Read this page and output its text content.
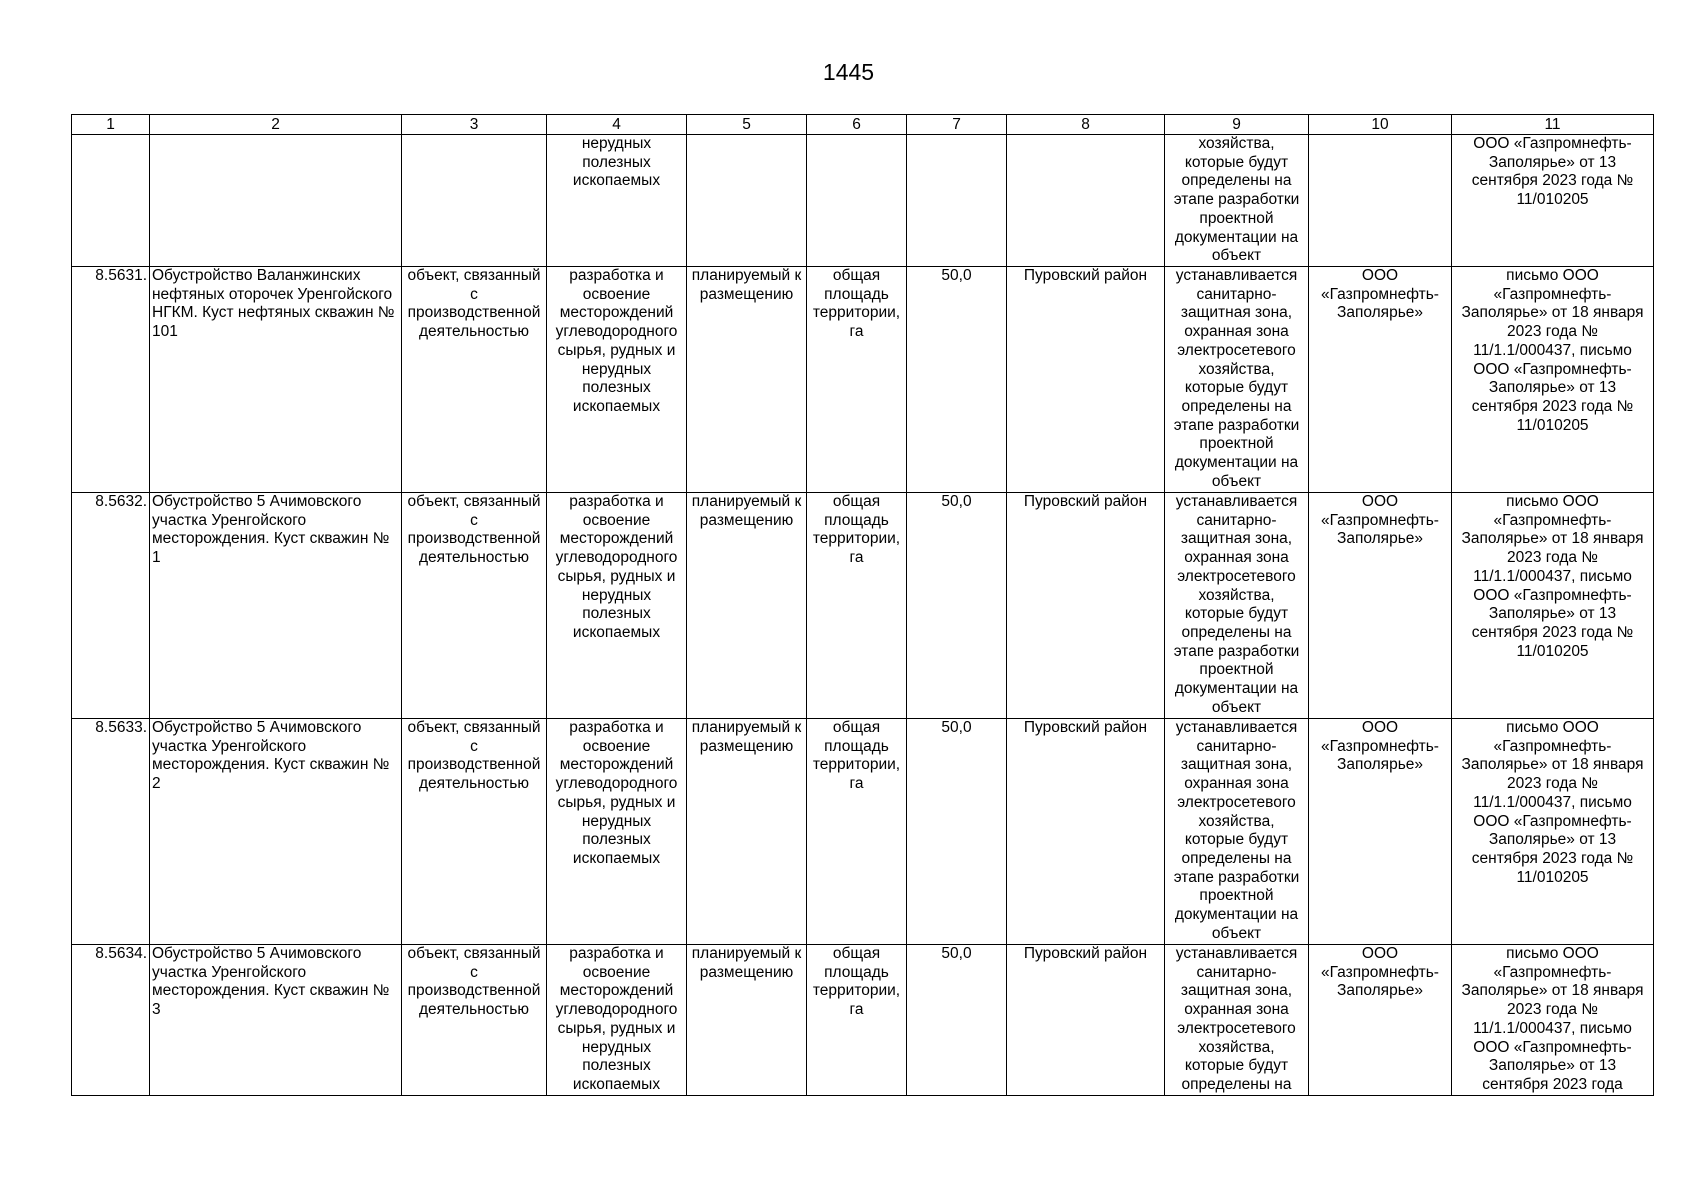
1445
1	2	3	4	5	6	7	8	9	10	11
			нерудных полезных ископаемых					хозяйства, которые будут определены на этапе разработки проектной документации на объект		ООО «Газпромнефть-Заполярье» от 13 сентября 2023 года № 11/010205
8.5631.	Обустройство Валанжинских нефтяных оторочек Уренгойского НГКМ. Куст нефтяных скважин № 101	объект, связанный с производственной деятельностью	разработка и освоение месторождений углеводородного сырья, рудных и нерудных полезных ископаемых	планируемый к размещению	общая площадь территории, га	50,0	Пуровский район	устанавливается санитарно-защитная зона, охранная зона электросетевого хозяйства, которые будут определены на этапе разработки проектной документации на объект	ООО «Газпромнефть-Заполярье»	письмо ООО «Газпромнефть-Заполярье» от 18 января 2023 года № 11/1.1/000437, письмо ООО «Газпромнефть-Заполярье» от 13 сентября 2023 года № 11/010205
8.5632.	Обустройство 5 Ачимовского участка Уренгойского месторождения. Куст скважин № 1	объект, связанный с производственной деятельностью	разработка и освоение месторождений углеводородного сырья, рудных и нерудных полезных ископаемых	планируемый к размещению	общая площадь территории, га	50,0	Пуровский район	устанавливается санитарно-защитная зона, охранная зона электросетевого хозяйства, которые будут определены на этапе разработки проектной документации на объект	ООО «Газпромнефть-Заполярье»	письмо ООО «Газпромнефть-Заполярье» от 18 января 2023 года № 11/1.1/000437, письмо ООО «Газпромнефть-Заполярье» от 13 сентября 2023 года № 11/010205
8.5633.	Обустройство 5 Ачимовского участка Уренгойского месторождения. Куст скважин № 2	объект, связанный с производственной деятельностью	разработка и освоение месторождений углеводородного сырья, рудных и нерудных полезных ископаемых	планируемый к размещению	общая площадь территории, га	50,0	Пуровский район	устанавливается санитарно-защитная зона, охранная зона электросетевого хозяйства, которые будут определены на этапе разработки проектной документации на объект	ООО «Газпромнефть-Заполярье»	письмо ООО «Газпромнефть-Заполярье» от 18 января 2023 года № 11/1.1/000437, письмо ООО «Газпромнефть-Заполярье» от 13 сентября 2023 года № 11/010205
8.5634.	Обустройство 5 Ачимовского участка Уренгойского месторождения. Куст скважин № 3	объект, связанный с производственной деятельностью	разработка и освоение месторождений углеводородного сырья, рудных и нерудных полезных ископаемых	планируемый к размещению	общая площадь территории, га	50,0	Пуровский район	устанавливается санитарно-защитная зона, охранная зона электросетевого хозяйства, которые будут определены на	ООО «Газпромнефть-Заполярье»	письмо ООО «Газпромнефть-Заполярье» от 18 января 2023 года № 11/1.1/000437, письмо ООО «Газпромнефть-Заполярье» от 13 сентября 2023 года
